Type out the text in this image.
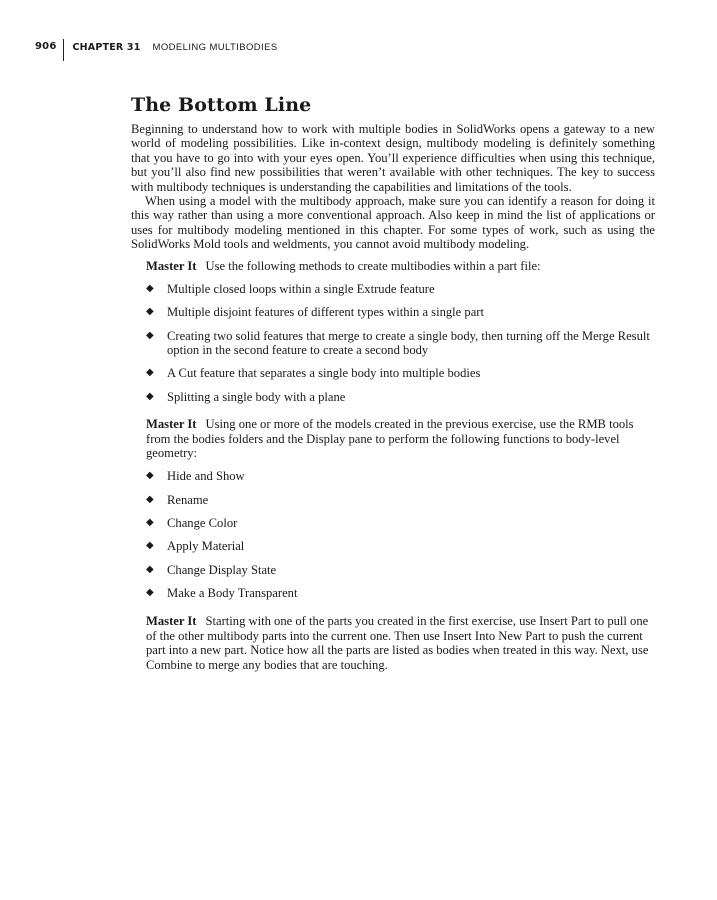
906	CHAPTER 31	MODELING MULTIBODIES
The Bottom Line

Beginning to understand how to work with multiple bodies in SolidWorks opens a gateway to a new world of modeling possibilities. Like in-context design, multibody modeling is definitely something that you have to go into with your eyes open. You’ll experience difficulties when using this technique, but you’ll also find new possibilities that weren’t available with other techniques. The key to success with multibody techniques is understanding the capabilities and limitations of the tools.

When using a model with the multibody approach, make sure you can identify a reason for doing it this way rather than using a more conventional approach. Also keep in mind the list of applications or uses for multibody modeling mentioned in this chapter. For some types of work, such as using the SolidWorks Mold tools and weldments, you cannot avoid multibody modeling.

Master It Use the following methods to create multibodies within a part file:
◆	Multiple closed loops within a single Extrude feature
◆	Multiple disjoint features of different types within a single part
◆	Creating two solid features that merge to create a single body, then turning off the Merge Result option in the second feature to create a second body
◆	A Cut feature that separates a single body into multiple bodies
◆	Splitting a single body with a plane
Master It Using one or more of the models created in the previous exercise, use the RMB tools from the bodies folders and the Display pane to perform the following functions to body-level geometry:
◆	Hide and Show
◆	Rename
◆	Change Color
◆	Apply Material
◆	Change Display State
◆	Make a Body Transparent
Master It Starting with one of the parts you created in the first exercise, use Insert Part to pull one of the other multibody parts into the current one. Then use Insert Into New Part to push the current part into a new part. Notice how all the parts are listed as bodies when treated in this way. Next, use Combine to merge any bodies that are touching.
